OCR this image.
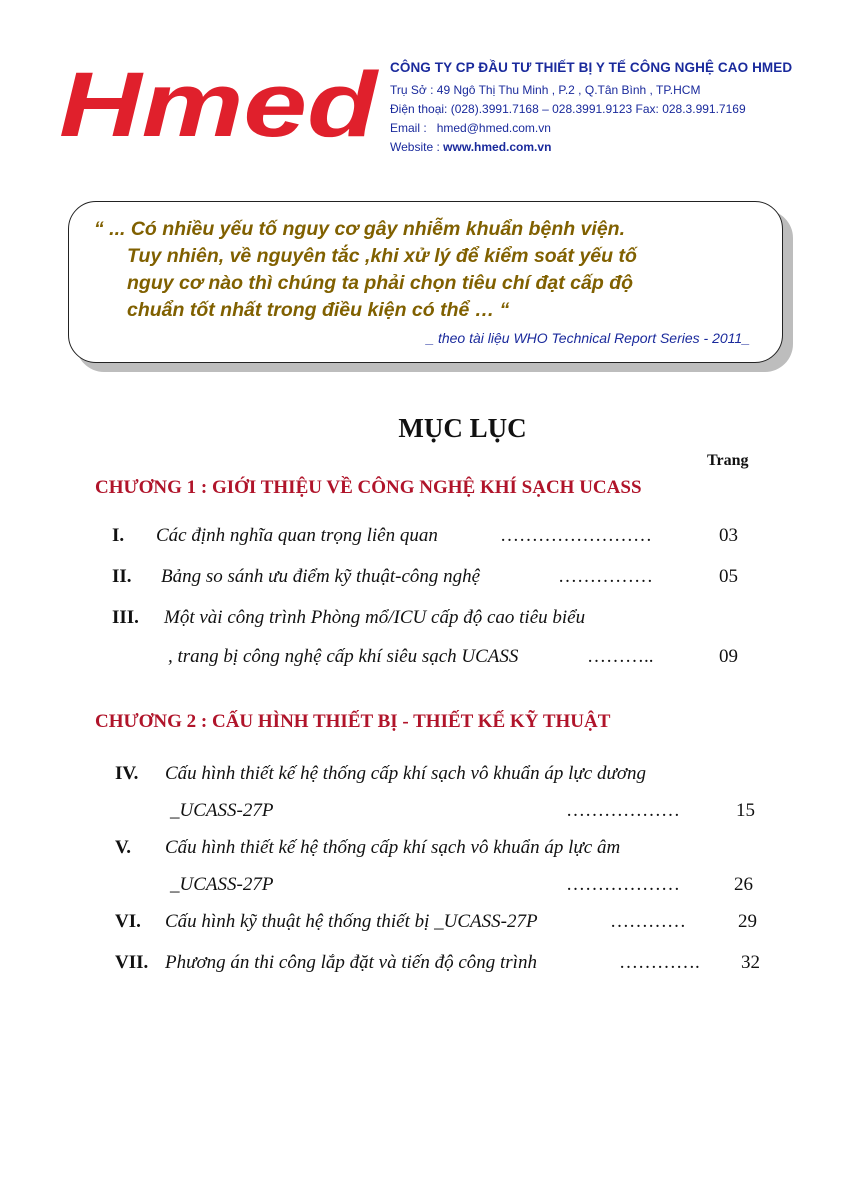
Hmed CÔNG TY CP ĐẦU TƯ THIẾT BỊ Y TẾ CÔNG NGHỆ CAO HMED
Trụ Sở : 49 Ngô Thị Thu Minh , P.2 , Q.Tân Bình , TP.HCM
Điện thoại: (028).3991.7168 – 028.3991.9123 Fax: 028.3.991.7169
Email : hmed@hmed.com.vn
Website : www.hmed.com.vn
“ ... Có nhiều yếu tố nguy cơ gây nhiễm khuẩn bệnh viện.
Tuy nhiên, về nguyên tắc ,khi xử lý để kiểm soát yếu tố
nguy cơ nào thì chúng ta phải chọn tiêu chí đạt cấp độ
chuẩn tốt nhất trong điều kiện có thể … “
_ theo tài liệu WHO Technical Report Series - 2011_
MỤC LỤC
Trang
CHƯƠNG 1 : GIỚI THIỆU VỀ CÔNG NGHỆ KHÍ SẠCH UCASS
I. Các định nghĩa quan trọng liên quan	……………………	03
II. Bảng so sánh ưu điểm kỹ thuật-công nghệ	……………	05
III. Một vài công trình Phòng mổ/ICU cấp độ cao tiêu biểu
, trang bị công nghệ cấp khí siêu sạch UCASS	………..	09
CHƯƠNG 2 : CẤU HÌNH THIẾT BỊ - THIẾT KẾ KỸ THUẬT
IV. Cấu hình thiết kế hệ thống cấp khí sạch vô khuẩn áp lực dương
_UCASS-27P	………………	15
V. Cấu hình thiết kế hệ thống cấp khí sạch vô khuẩn áp lực âm
_UCASS-27P	………………	26
VI. Cấu hình kỹ thuật hệ thống thiết bị _UCASS-27P	…………	29
VII. Phương án thi công lắp đặt và tiến độ công trình	…………. 32
